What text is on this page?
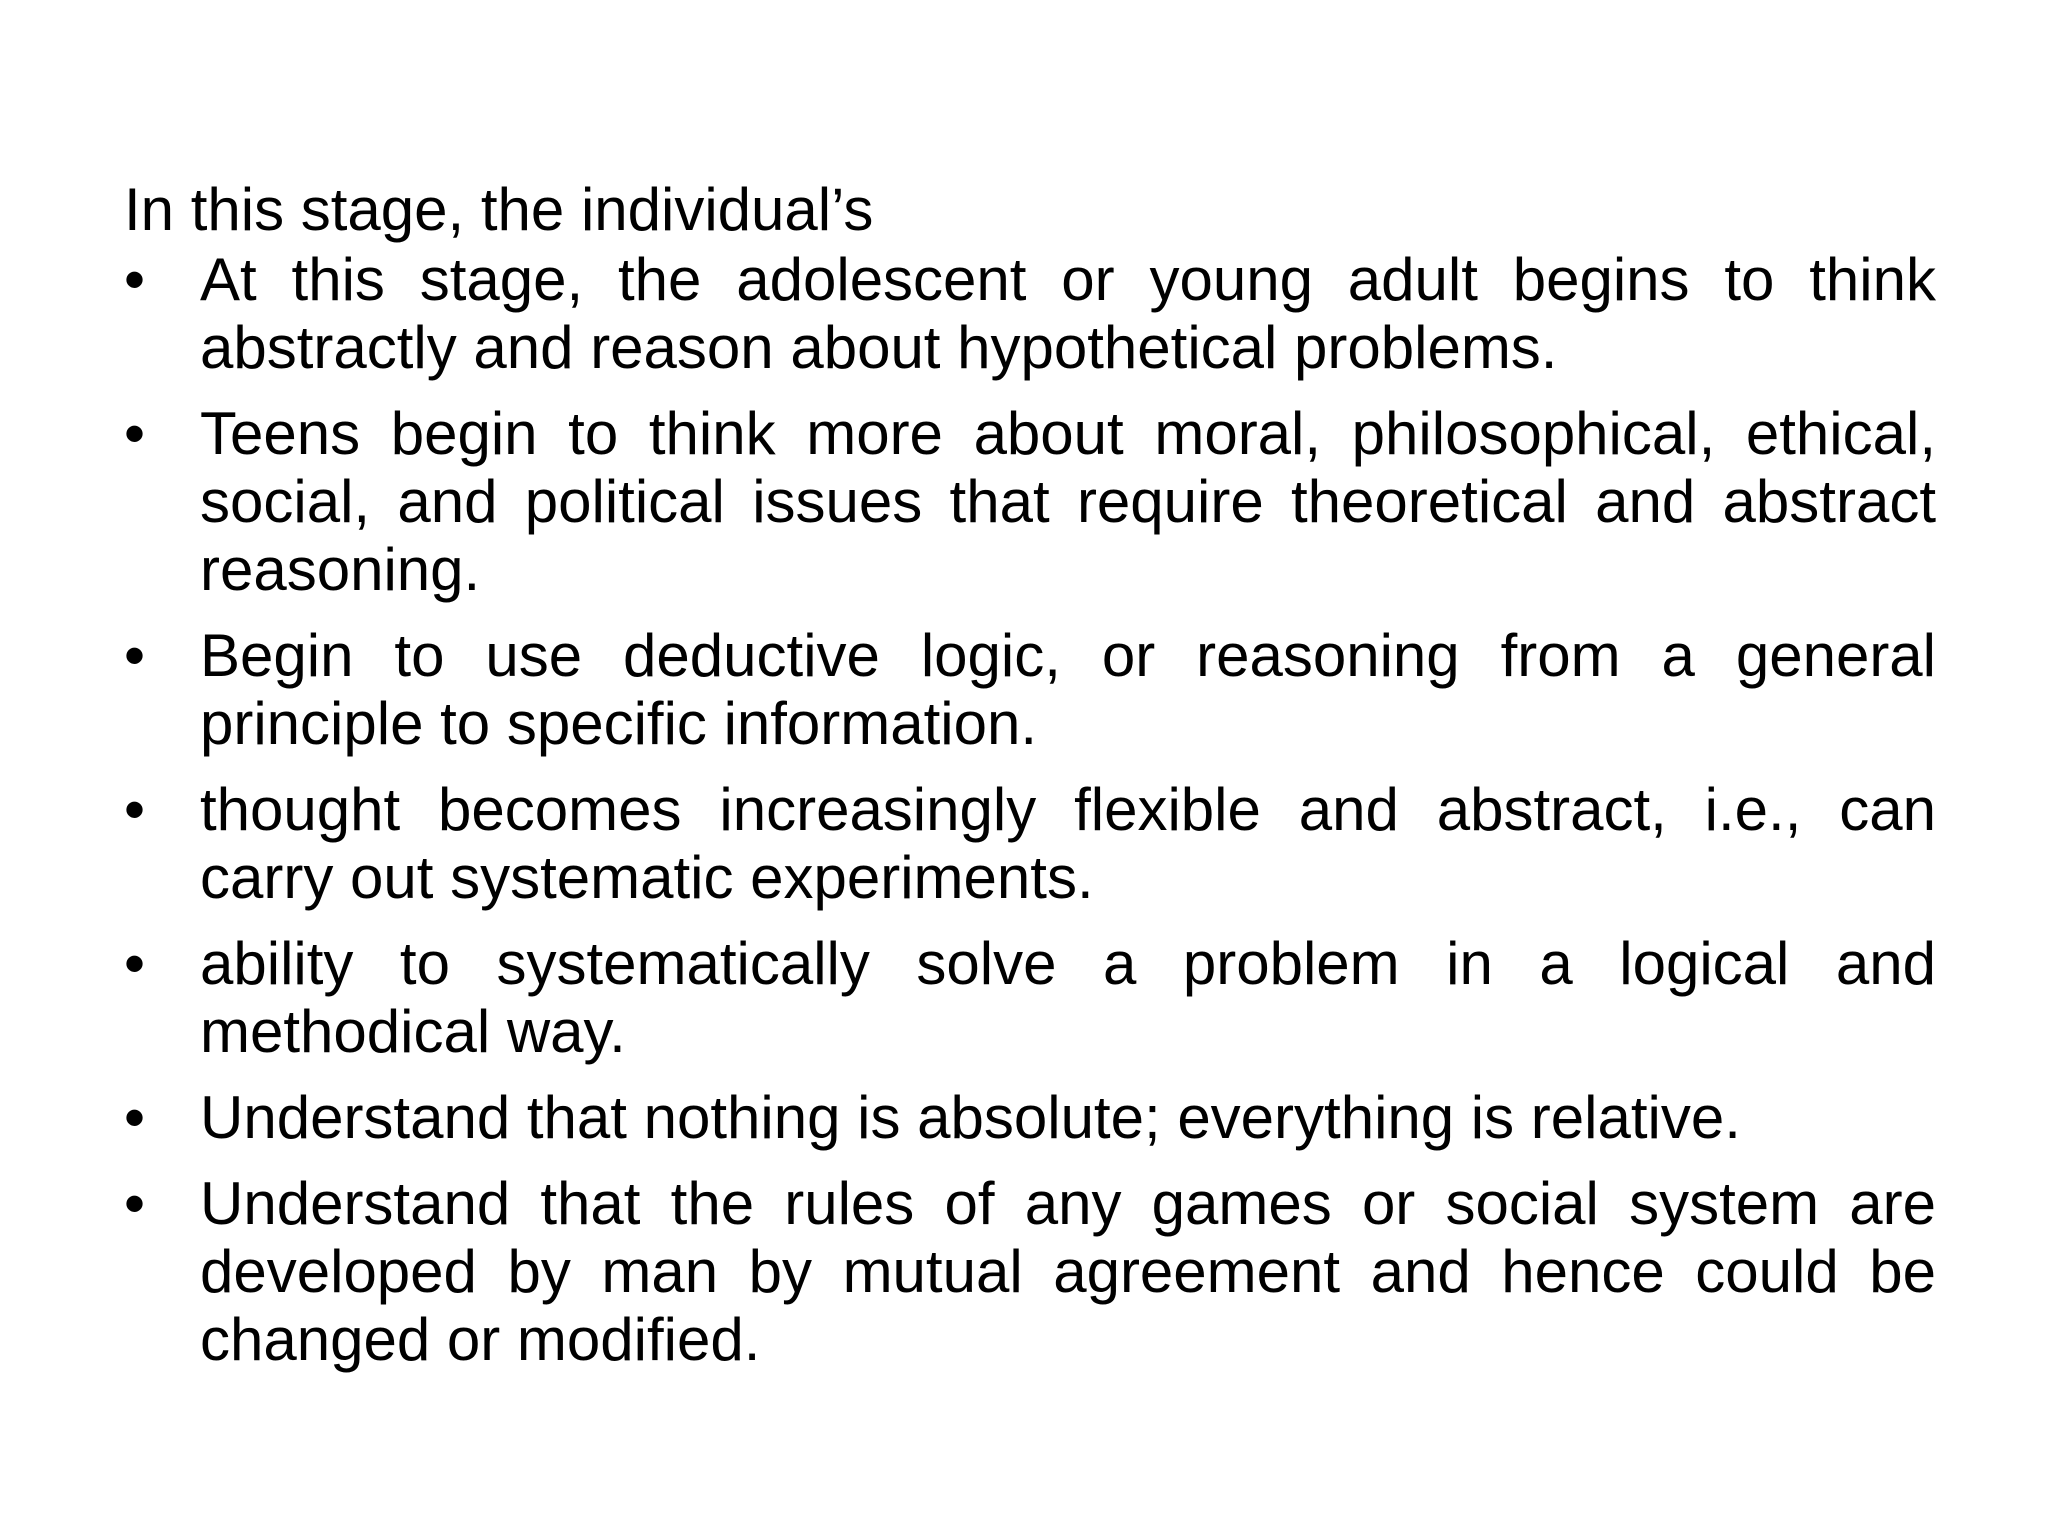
In this stage, the individual’s

• At this stage, the adolescent or young adult begins to think abstractly and reason about hypothetical problems.
• Teens begin to think more about moral, philosophical, ethical, social, and political issues that require theoretical and abstract reasoning.
• Begin to use deductive logic, or reasoning from a general principle to specific information.
• thought becomes increasingly flexible and abstract, i.e., can carry out systematic experiments.
• ability to systematically solve a problem in a logical and methodical way.
• Understand that nothing is absolute; everything is relative.
• Understand that the rules of any games or social system are developed by man by mutual agreement and hence could be changed or modified.
